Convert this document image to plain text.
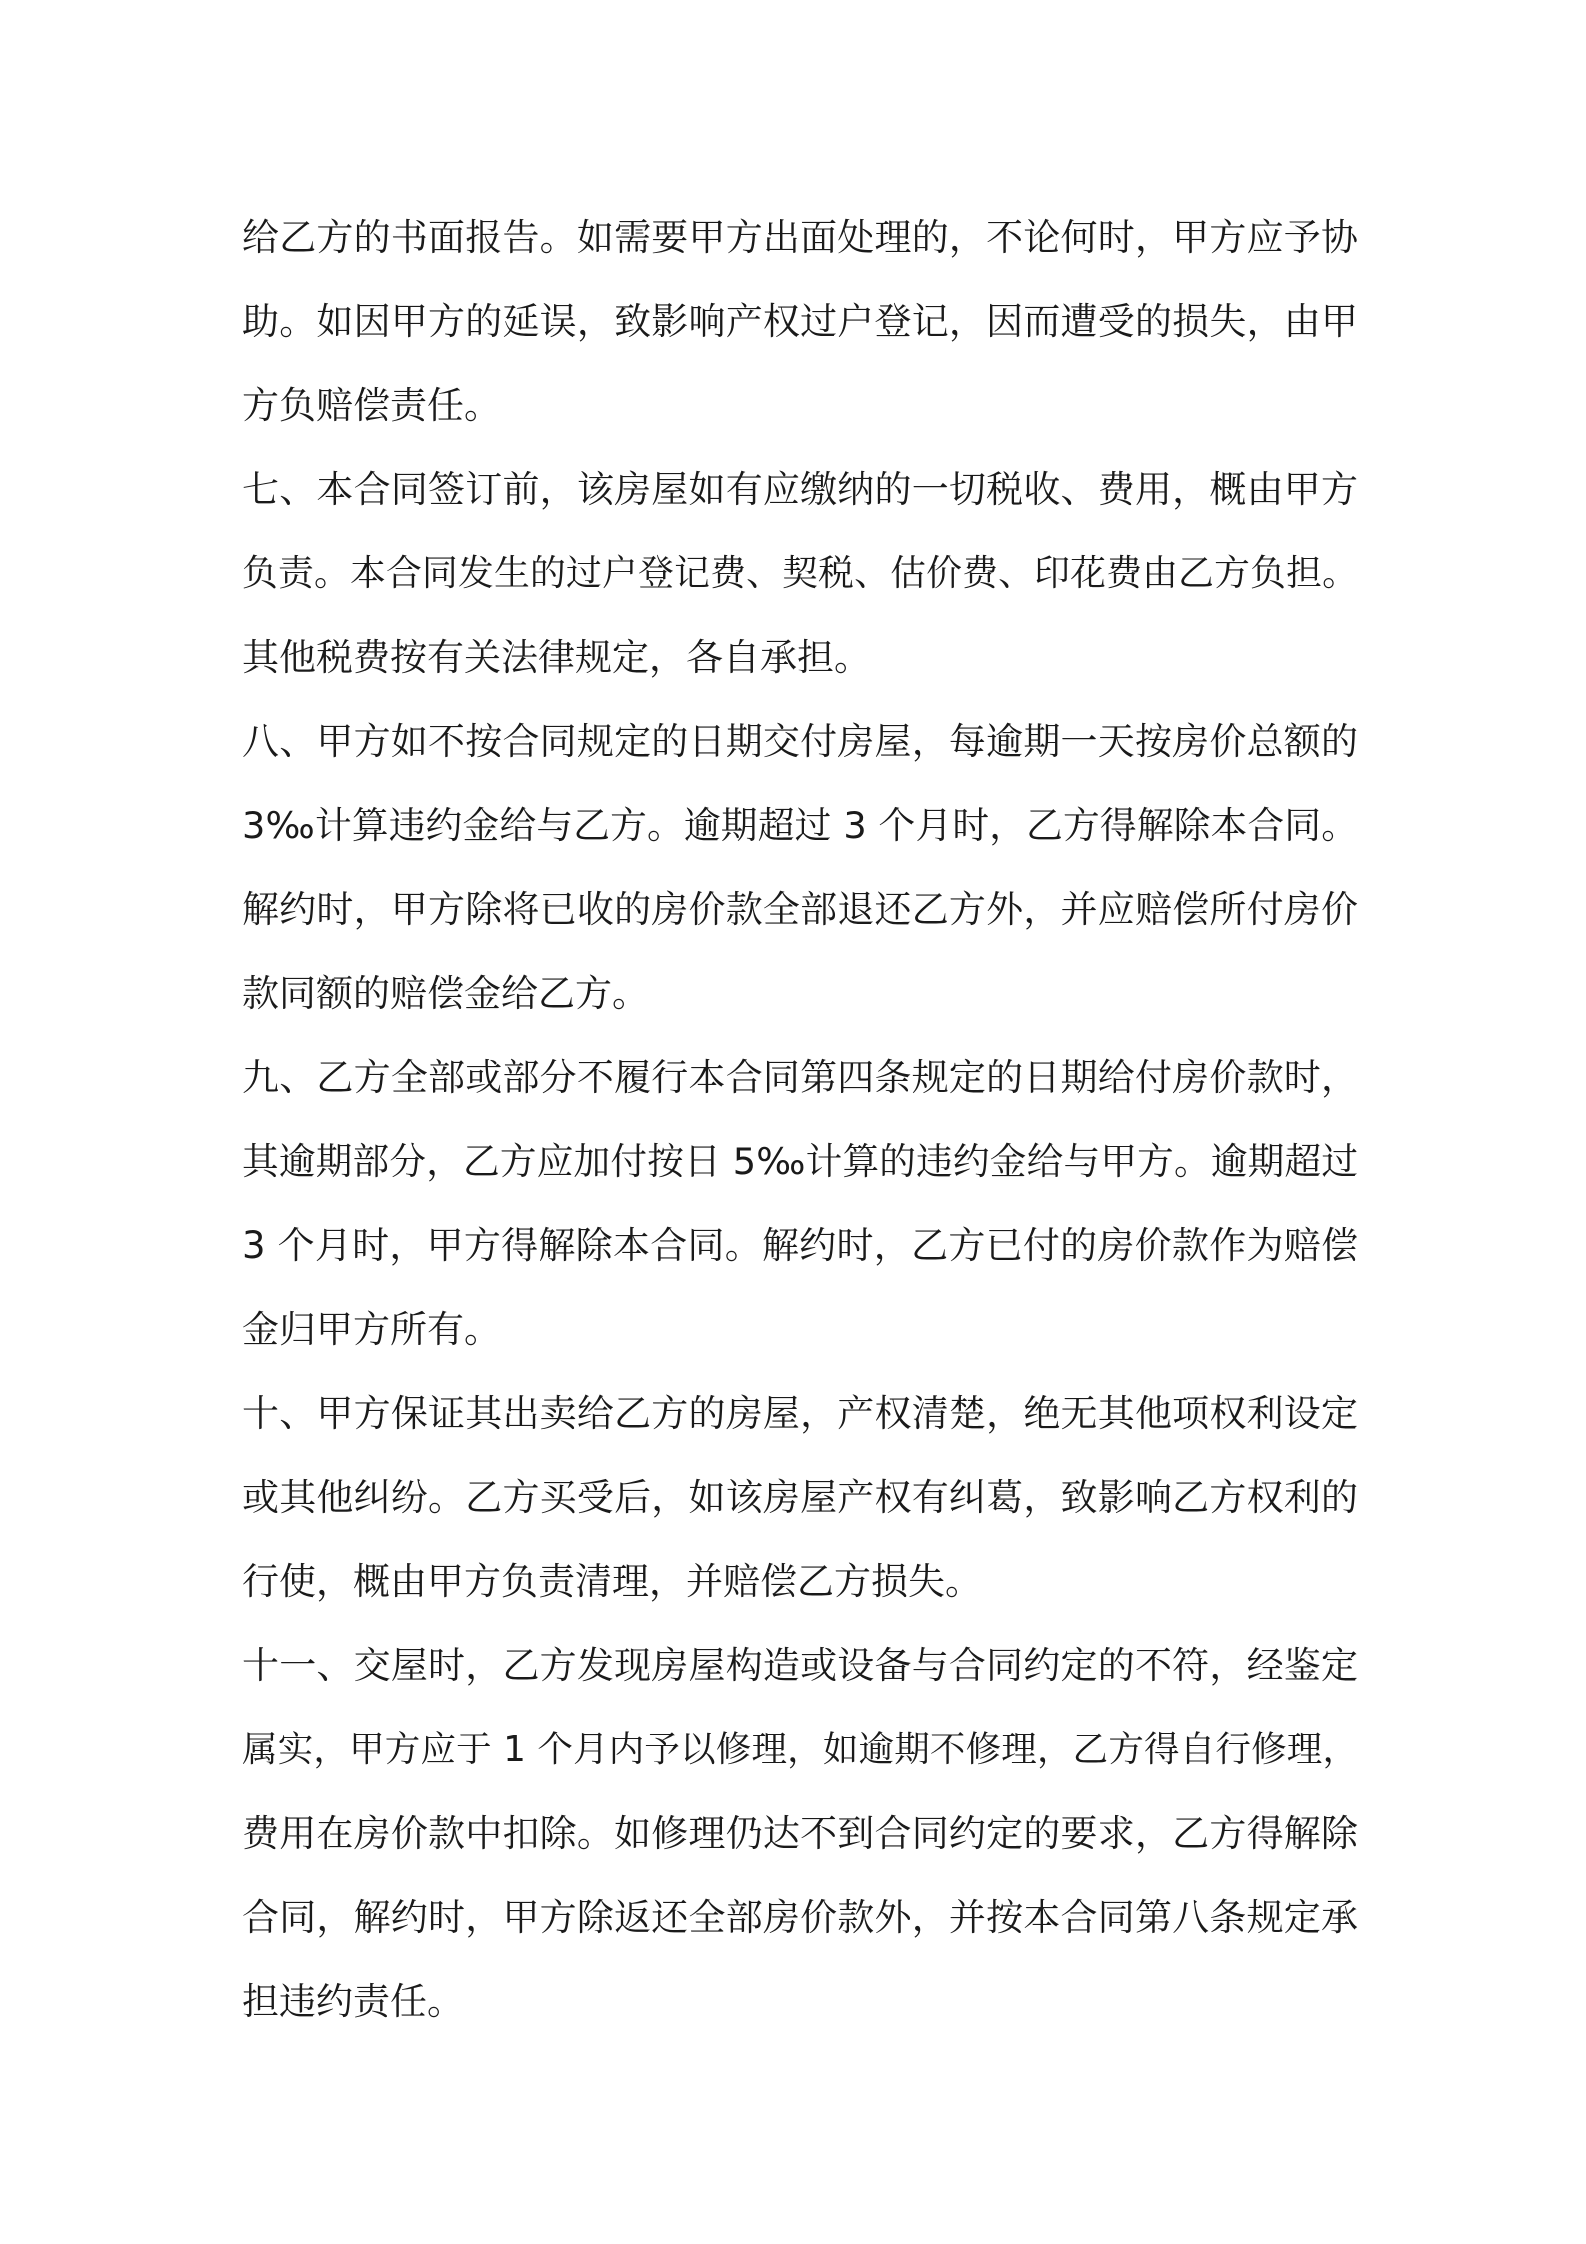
给乙方的书面报告。如需要甲方出面处理的，不论何时，甲方应予协
助。如因甲方的延误，致影响产权过户登记，因而遭受的损失，由甲
方负赔偿责任。
七、本合同签订前，该房屋如有应缴纳的一切税收、费用，概由甲方
负责。本合同发生的过户登记费、契税、估价费、印花费由乙方负担。
其他税费按有关法律规定，各自承担。
八、甲方如不按合同规定的日期交付房屋，每逾期一天按房价总额的
3‰计算违约金给与乙方。逾期超过 3 个月时，乙方得解除本合同。
解约时，甲方除将已收的房价款全部退还乙方外，并应赔偿所付房价
款同额的赔偿金给乙方。
九、乙方全部或部分不履行本合同第四条规定的日期给付房价款时，
其逾期部分，乙方应加付按日 5‰计算的违约金给与甲方。逾期超过
3 个月时，甲方得解除本合同。解约时，乙方已付的房价款作为赔偿
金归甲方所有。
十、甲方保证其出卖给乙方的房屋，产权清楚，绝无其他项权利设定
或其他纠纷。乙方买受后，如该房屋产权有纠葛，致影响乙方权利的
行使，概由甲方负责清理，并赔偿乙方损失。
十一、交屋时，乙方发现房屋构造或设备与合同约定的不符，经鉴定
属实，甲方应于 1 个月内予以修理，如逾期不修理，乙方得自行修理，
费用在房价款中扣除。如修理仍达不到合同约定的要求，乙方得解除
合同，解约时，甲方除返还全部房价款外，并按本合同第八条规定承
担违约责任。
